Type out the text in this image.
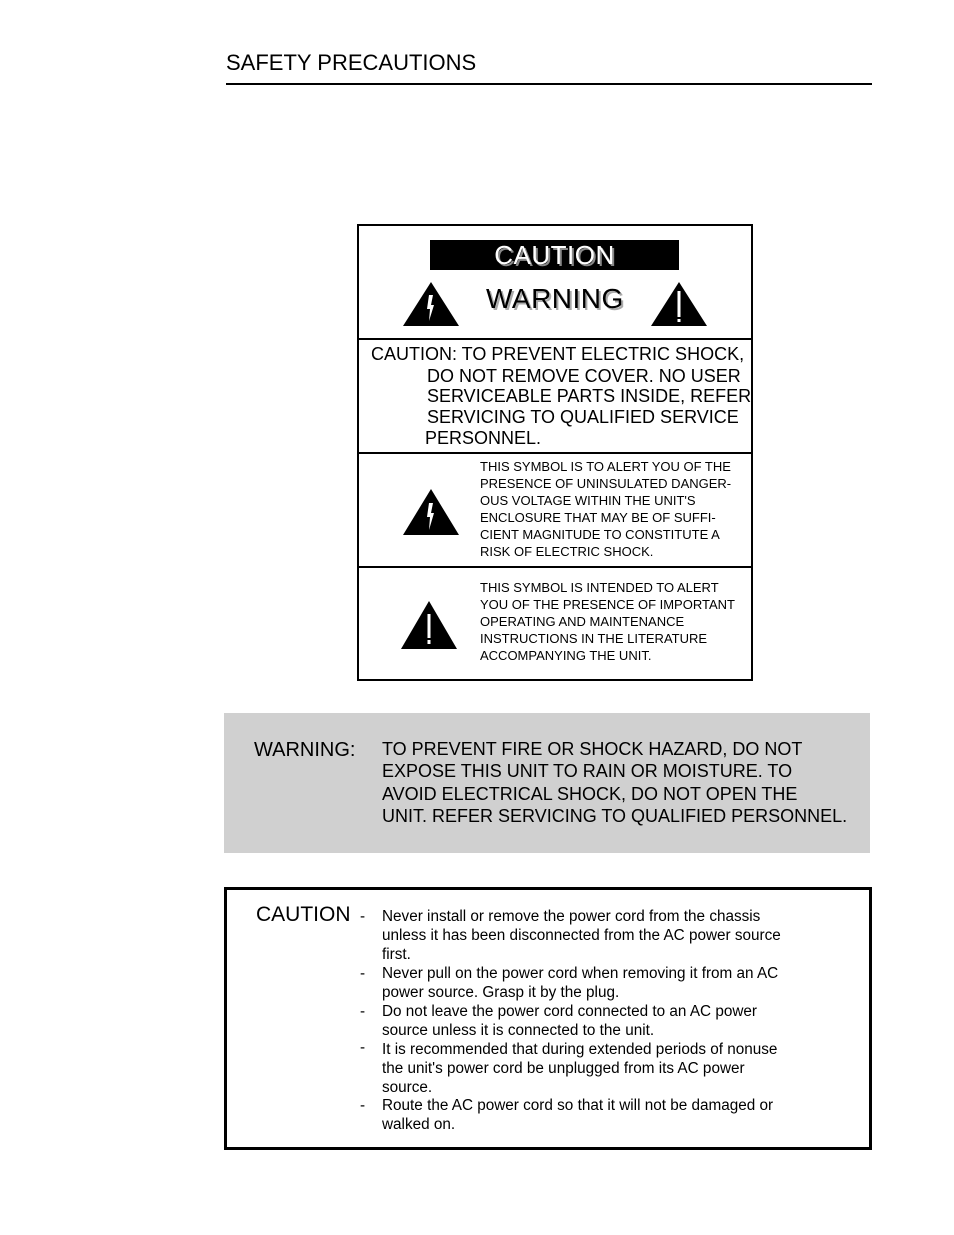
SAFETY PRECAUTIONS
CAUTION
WARNING
CAUTION: TO PREVENT ELECTRIC SHOCK,
DO NOT REMOVE COVER. NO USER
SERVICEABLE PARTS INSIDE, REFER
SERVICING TO QUALIFIED SERVICE
PERSONNEL.
THIS SYMBOL IS TO ALERT YOU OF THE
PRESENCE OF UNINSULATED DANGER-
OUS VOLTAGE WITHIN THE UNIT'S
ENCLOSURE THAT MAY BE OF SUFFI-
CIENT MAGNITUDE TO CONSTITUTE A
RISK OF ELECTRIC SHOCK.
THIS SYMBOL IS INTENDED TO ALERT
YOU OF THE PRESENCE OF IMPORTANT
OPERATING AND MAINTENANCE
INSTRUCTIONS IN THE LITERATURE
ACCOMPANYING THE UNIT.
WARNING: TO PREVENT FIRE OR SHOCK HAZARD, DO NOT
EXPOSE THIS UNIT TO RAIN OR MOISTURE. TO
AVOID ELECTRICAL SHOCK, DO NOT OPEN THE
UNIT. REFER SERVICING TO QUALIFIED PERSONNEL.
CAUTION - Never install or remove the power cord from the chassis
unless it has been disconnected from the AC power source
first.
- Never pull on the power cord when removing it from an AC
power source. Grasp it by the plug.
- Do not leave the power cord connected to an AC power
source unless it is connected to the unit.
- It is recommended that during extended periods of nonuse
the unit's power cord be unplugged from its AC power
source.
- Route the AC power cord so that it will not be damaged or
walked on.
